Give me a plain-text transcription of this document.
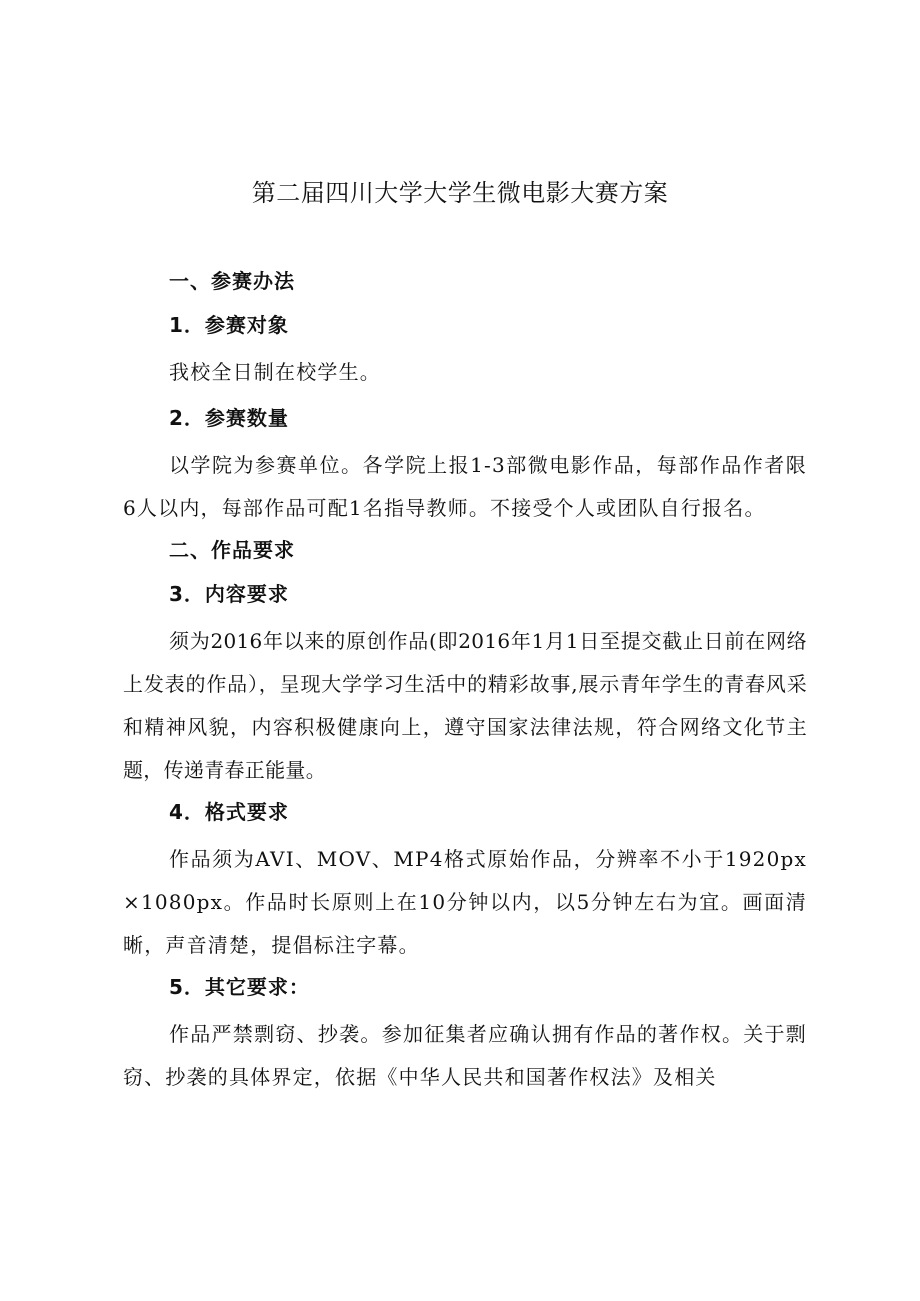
第二届四川大学大学生微电影大赛方案
一、参赛办法
1．参赛对象

我校全日制在校学生。

2．参赛数量

以学院为参赛单位。各学院上报1-3部微电影作品，每部作品作者限6人以内，每部作品可配1名指导教师。不接受个人或团队自行报名。

二、作品要求
3．内容要求

须为2016年以来的原创作品(即2016年1月1日至提交截止日前在网络上发表的作品），呈现大学学习生活中的精彩故事,展示青年学生的青春风采和精神风貌，内容积极健康向上，遵守国家法律法规，符合网络文化节主题，传递青春正能量。

4．格式要求

作品须为AVI、MOV、MP4格式原始作品，分辨率不小于1920px×1080px。作品时长原则上在10分钟以内，以5分钟左右为宜。画面清晰，声音清楚，提倡标注字幕。

5．其它要求：

作品严禁剽窃、抄袭。参加征集者应确认拥有作品的著作权。关于剽窃、抄袭的具体界定，依据《中华人民共和国著作权法》及相关
